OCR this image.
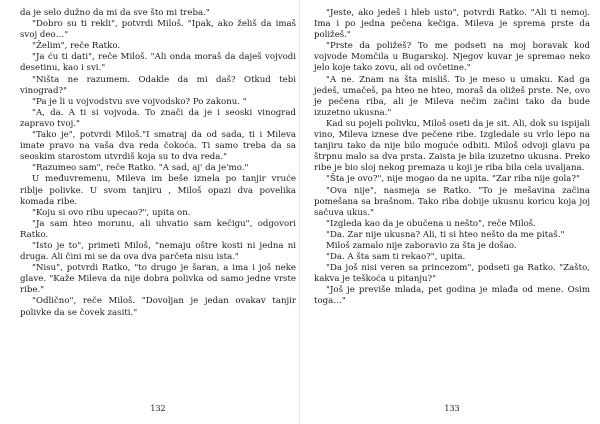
da je selo dužno da mi da sve što mi treba."

"Dobro su ti rekli", potvrdi Miloš. "Ipak, ako želiš da imaš svoj deo…"

"Želim", reče Ratko.

"Ja ću ti dati", reče Miloš. "Ali onda moraš da daješ vojvodi desetinu, kao i svi."

"Ništa ne razumem. Odakle da mi daš? Otkud tebi vinograd?"

"Pa je li u vojvodstvu sve vojvodsko? Po zakonu. "

"A, da. A ti si vojvoda. To znači da je i seoski vinograd zapravo tvoj."

"Tako je", potvrdi Miloš."I smatraj da od sada, ti i Mileva imate pravo na vaša dva reda čokoća. Ti samo treba da sa seoskim starostom utvrdiš koja su to dva reda."

"Razumeo sam", reče Ratko. "A sad, aj' da je'mo."

U međuvremenu, Mileva im beše iznela po tanjir vruće riblje polivke. U svom tanjiru , Miloš opazi dva povelika komada ribe.

"Koju si ovo ribu upecao?", upita on.

"Ja sam hteo morunu, ali uhvatio sam kečigu", odgovori Ratko.

"Isto je to", primeti Miloš, "nemaju oštre kosti ni jedna ni druga. Ali čini mi se da ova dva parčeta nisu ista."

"Nisu", potvrdi Ratko, "to drugo je šaran, a ima i još neke glave. "Kaže Mileva da nije dobra polivka od samo jedne vrste ribe."

"Odlično", reče Miloš. "Dovoljan je jedan ovakav tanjir polivke da se čovek zasiti."

132

"Jeste, ako jedeš i hleb usto", potvrdi Ratko. "Ali ti nemoj. Ima i po jedna pečena kečiga. Mileva je sprema prste da poližeš."

"Prste da poližeš? To me podseti na moj boravak kod vojvode Momčila u Bugarskoj. Njegov kuvar je spremao neko jelo koje tako zovu, ali od ovčetine."

"A ne. Znam na šta misliš. To je meso u umaku. Kad ga jedeš, umačeš, pa hteo ne hteo, moraš da oližeš prste. Ne, ovo je pečena riba, ali je Mileva nečim začini tako da bude izuzetno ukusna."

Kad su pojeli polivku, Miloš oseti da je sit. Ali, dok su ispijali vino, Mileva iznese dve pečene ribe. Izgledale su vrlo lepo na tanjiru tako da nije bilo moguće odbiti. Miloš odvoji glavu pa štrpnu malo sa dva prsta. Zaista je bila izuzetno ukusna. Preko ribe je bio sloj nekog premaza u koji je riba bila cela uvaljana.

"Šta je ovo?", nije mogao da ne upita. "Zar riba nije gola?"

"Ova nije", nasmeja se Ratko. "To je mešavina začina pomešana sa brašnom. Tako riba dobije ukusnu koricu koja joj sačuva ukus."

"Izgleda kao da je obučena u nešto", reče Miloš.

"Da. Zar nije ukusna? Ali, ti si hteo nešto da me pitaš."

Miloš zamalo nije zaboravio za šta je došao.

"Da. A šta sam ti rekao?", upita.

"Da još nisi veren sa princezom", podseti ga Ratko. "Zašto, kakva je teškoća u pitanju?"

"Još je previše mlada, pet godina je mlađa od mene. Osim toga…"

133
